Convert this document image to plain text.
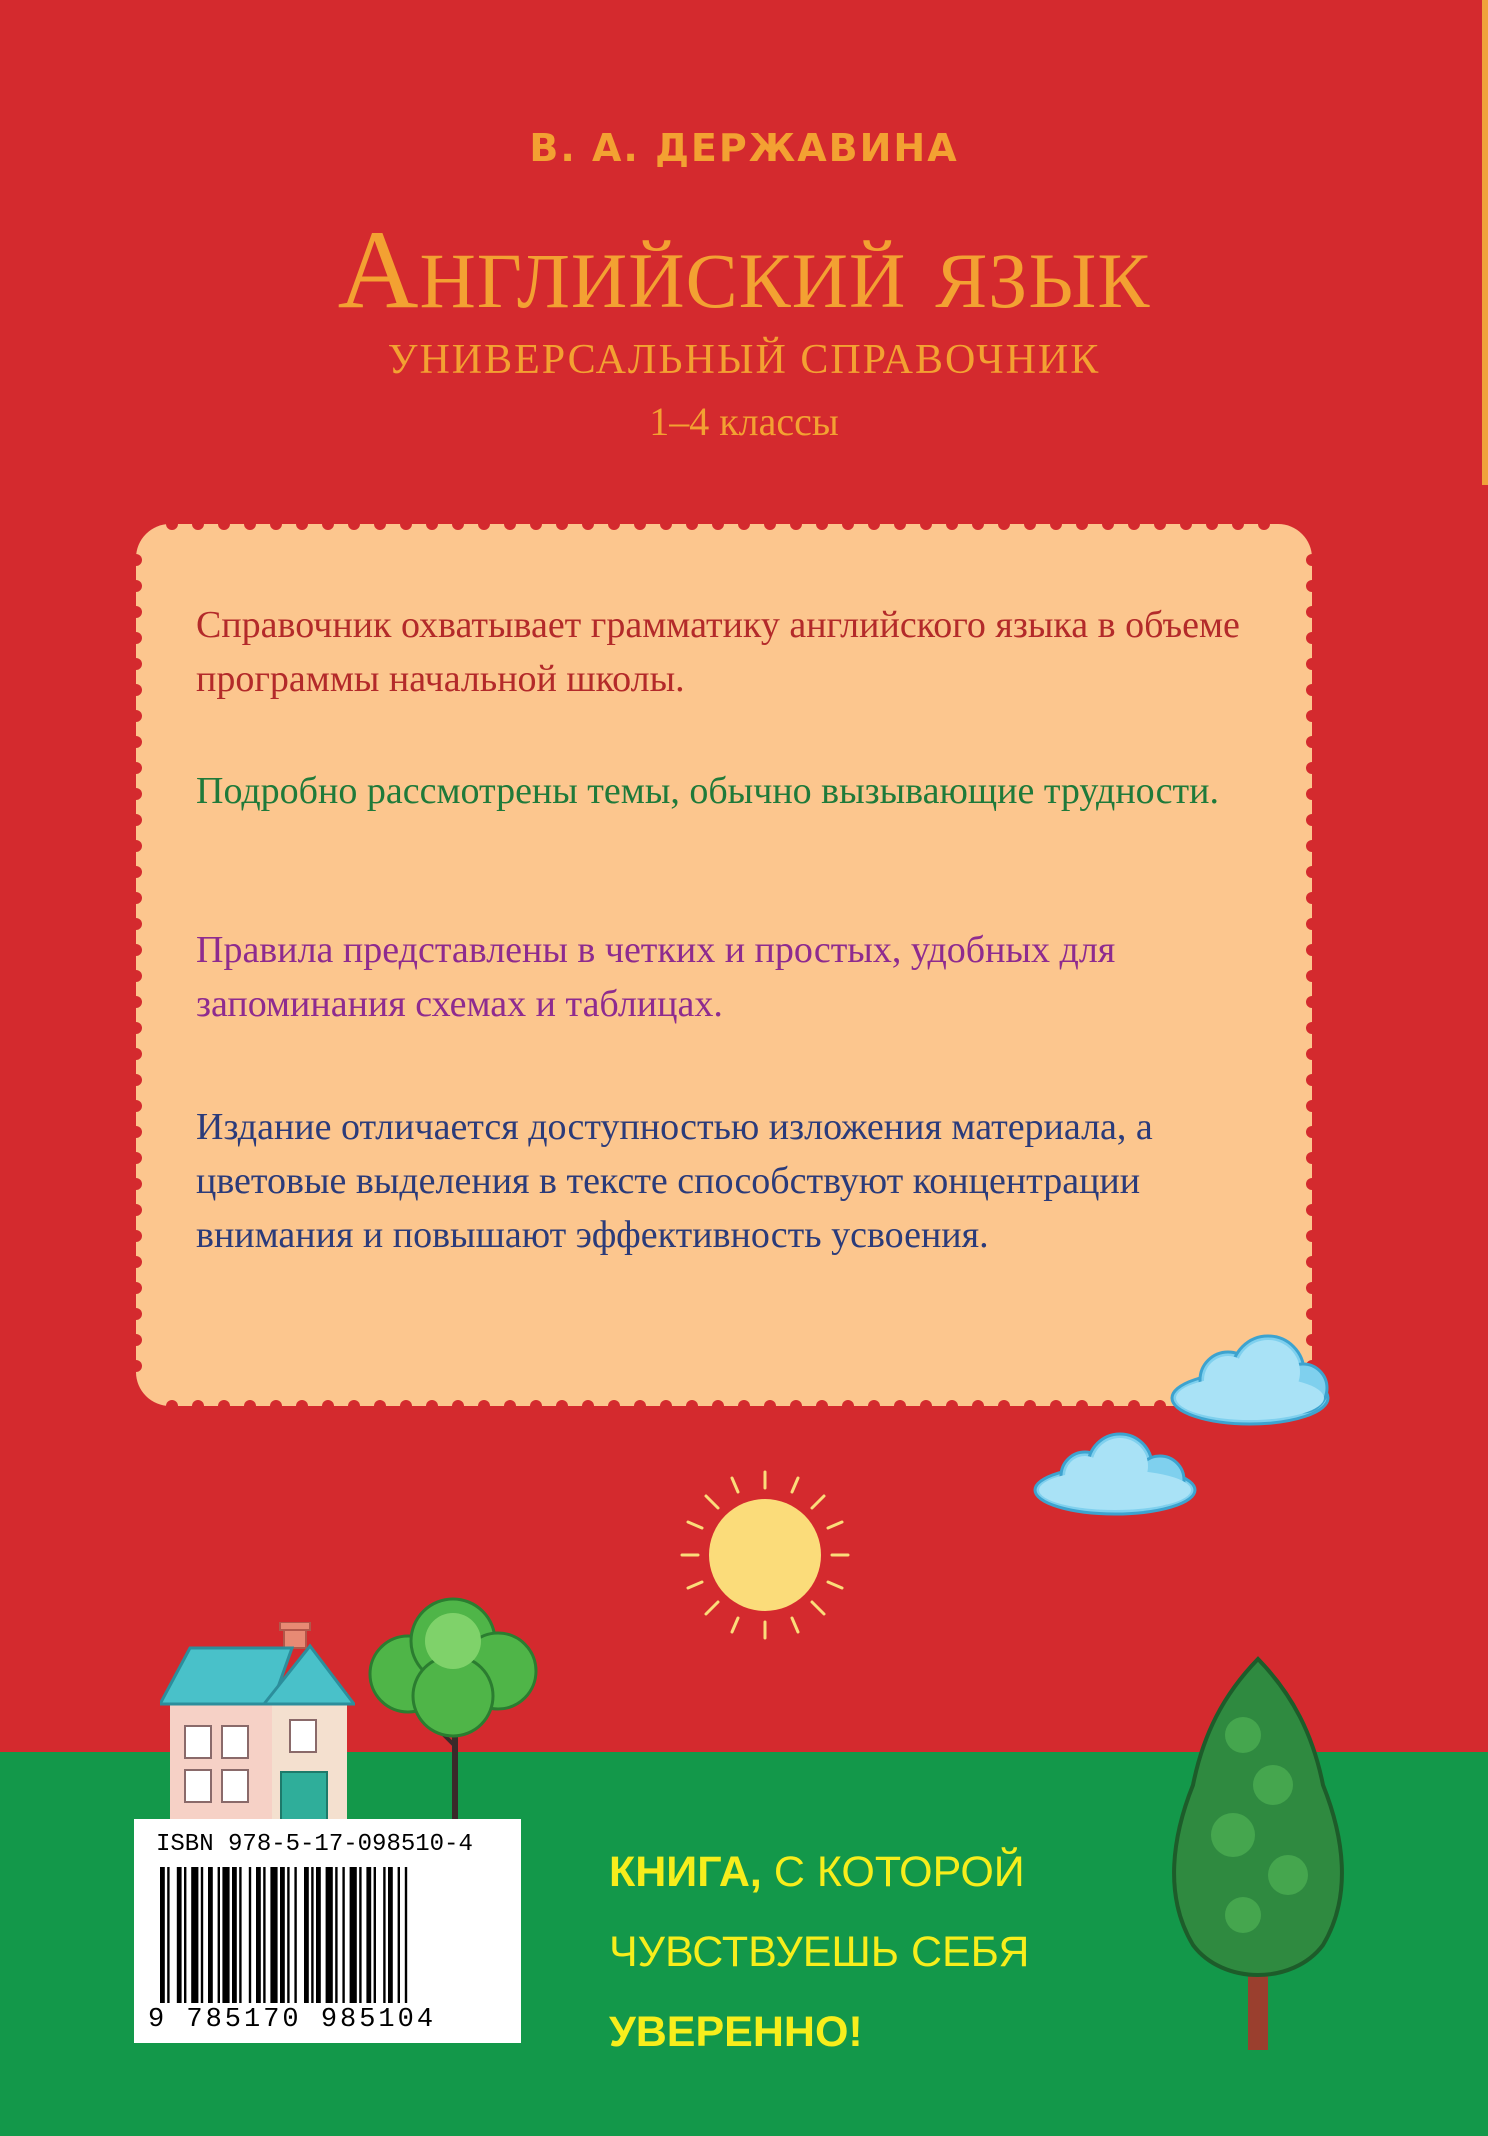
В. А. ДЕРЖАВИНА
Английский язык
УНИВЕРСАЛЬНЫЙ СПРАВОЧНИК
1–4 классы
Справочник охватывает грамматику английского языка в объеме программы начальной школы.
Подробно рассмотрены темы, обычно вызывающие трудности.
Правила представлены в четких и простых, удобных для запоминания схемах и таблицах.
Издание отличается доступностью изложения материала, а цветовые выделения в тексте способствуют концентрации внимания и повышают эффективность усвоения.
ISBN 978-5-17-098510-4
9 785170 985104
КНИГА, С КОТОРОЙ
ЧУВСТВУЕШЬ СЕБЯ
УВЕРЕННО!
